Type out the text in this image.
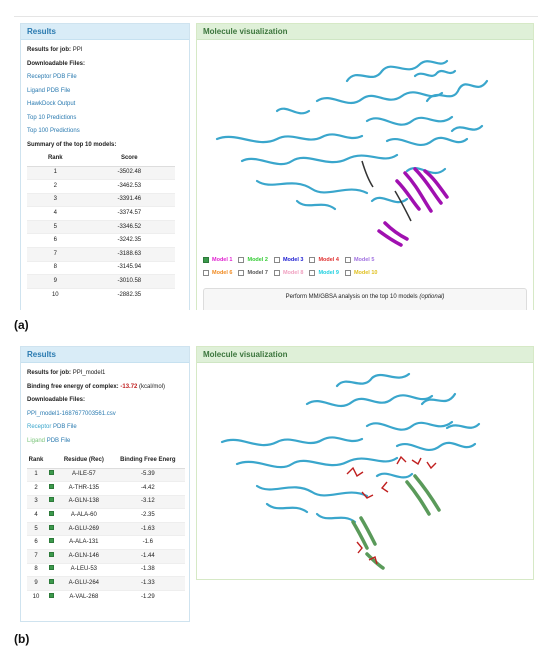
Results
Results for job: PPI
Downloadable Files:
Receptor PDB File
Ligand PDB File
HawkDock Output
Top 10 Predictions
Top 100 Predictions
Summary of the top 10 models:
Rank	Score
1	-3502.48
2	-3462.53
3	-3391.46
4	-3374.57
5	-3346.52
6	-3242.35
7	-3188.63
8	-3145.94
9	-3010.58
10	-2882.35
Molecule visualization
Model 1	Model 2	Model 3	Model 4	Model 5
Model 6	Model 7	Model 8	Model 9	Model 10
Perform MM/GBSA analysis on the top 10 models (optional)
(a)
Results
Results for job: PPI_model1
Binding free energy of complex: -13.72 (kcal/mol)
Downloadable Files:
PPI_model1-1687677003561.csv
Receptor PDB File
Ligand PDB File
Rank		Residue (Rec)	Binding Free Energ
1		A-ILE-57	-5.39
2		A-THR-135	-4.42
3		A-GLN-138	-3.12
4		A-ALA-60	-2.35
5		A-GLU-269	-1.63
6		A-ALA-131	-1.6
7		A-GLN-146	-1.44
8		A-LEU-53	-1.38
9		A-GLU-264	-1.33
10		A-VAL-268	-1.29
Molecule visualization
(b)
